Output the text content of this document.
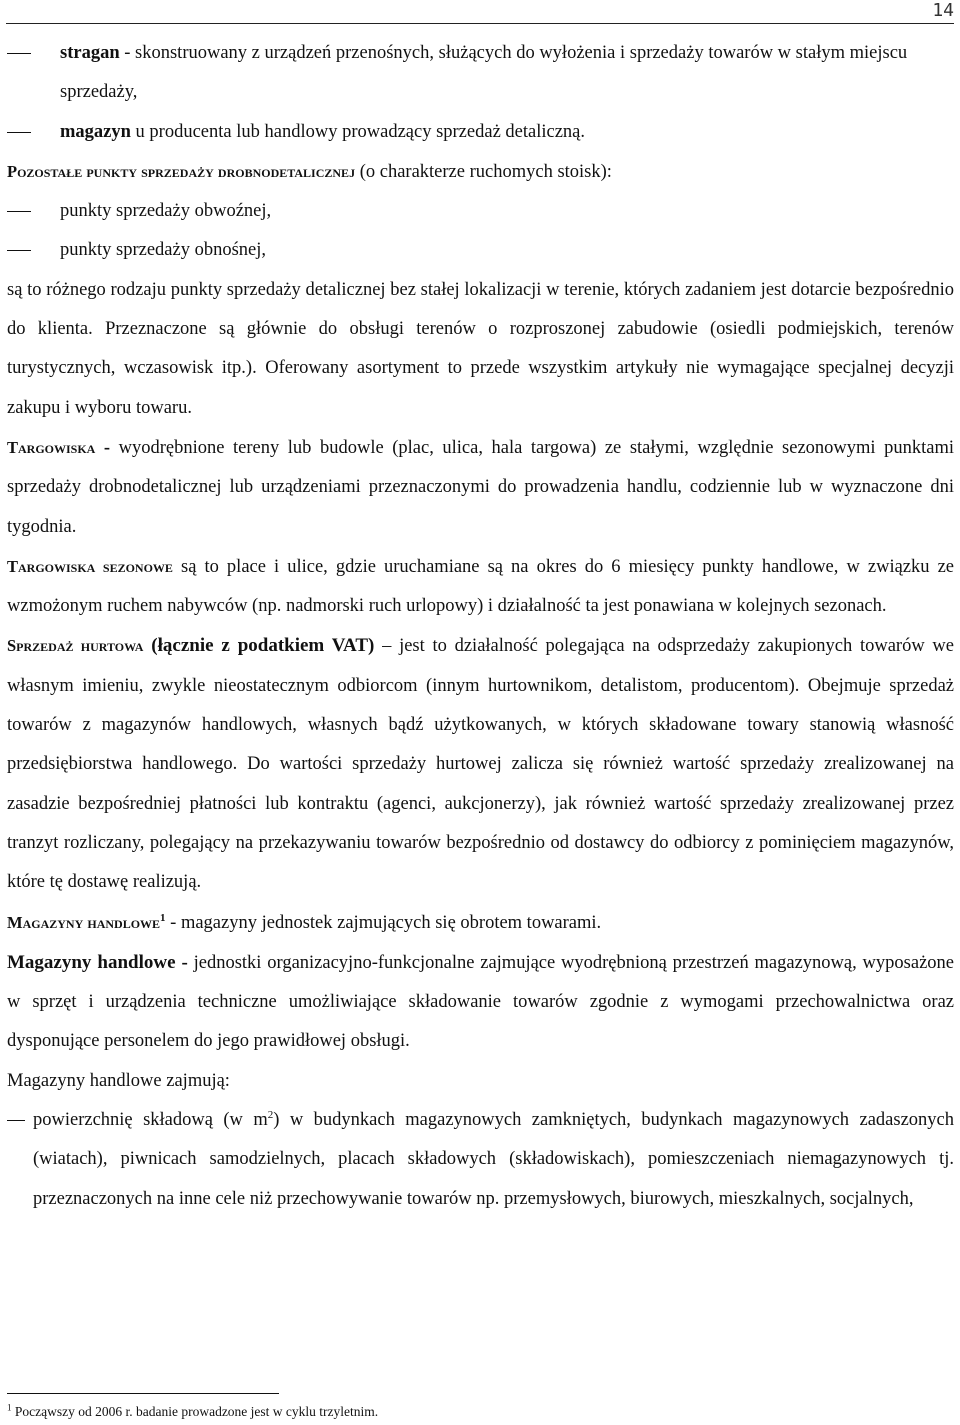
14
stragan - skonstruowany z urządzeń przenośnych, służących do wyłożenia i sprzedaży towarów w stałym miejscu sprzedaży,
magazyn u producenta lub handlowy prowadzący sprzedaż detaliczną.

Pozostałe punkty sprzedaży drobnodetalicznej (o charakterze ruchomych stoisk):

punkty sprzedaży obwoźnej,
punkty sprzedaży obnośnej,

są to różnego rodzaju punkty sprzedaży detalicznej bez stałej lokalizacji w terenie, których zadaniem jest dotarcie bezpośrednio do klienta. Przeznaczone są głównie do obsługi terenów o rozproszonej zabudowie (osiedli podmiejskich, terenów turystycznych, wczasowisk itp.). Oferowany asortyment to przede wszystkim artykuły nie wymagające specjalnej decyzji zakupu i wyboru towaru.

Targowiska - wyodrębnione tereny lub budowle (plac, ulica, hala targowa) ze stałymi, względnie sezonowymi punktami sprzedaży drobnodetalicznej lub urządzeniami przeznaczonymi do prowadzenia handlu, codziennie lub w wyznaczone dni tygodnia.

Targowiska sezonowe są to place i ulice, gdzie uruchamiane są na okres do 6 miesięcy punkty handlowe, w związku ze wzmożonym ruchem nabywców (np. nadmorski ruch urlopowy) i działalność ta jest ponawiana w kolejnych sezonach.

Sprzedaż hurtowa (łącznie z podatkiem VAT) – jest to działalność polegająca na odsprzedaży zakupionych towarów we własnym imieniu, zwykle nieostatecznym odbiorcom (innym hurtownikom, detalistom, producentom). Obejmuje sprzedaż towarów z magazynów handlowych, własnych bądź użytkowanych, w których składowane towary stanowią własność przedsiębiorstwa handlowego. Do wartości sprzedaży hurtowej zalicza się również wartość sprzedaży zrealizowanej na zasadzie bezpośredniej płatności lub kontraktu (agenci, aukcjonerzy), jak również wartość sprzedaży zrealizowanej przez tranzyt rozliczany, polegający na przekazywaniu towarów bezpośrednio od dostawcy do odbiorcy z pominięciem magazynów, które tę dostawę realizują.

Magazyny handlowe$^1$ - magazyny jednostek zajmujących się obrotem towarami.

Magazyny handlowe - jednostki organizacyjno-funkcjonalne zajmujące wyodrębnioną przestrzeń magazynową, wyposażone w sprzęt i urządzenia techniczne umożliwiające składowanie towarów zgodnie z wymogami przechowalnictwa oraz dysponujące personelem do jego prawidłowej obsługi.

Magazyny handlowe zajmują:

powierzchnię składową (w $m^2$) w budynkach magazynowych zamkniętych, budynkach magazynowych zadaszonych (wiatach), piwnicach samodzielnych, placach składowych (składowiskach), pomieszczeniach niemagazynowych tj. przeznaczonych na inne cele niż przechowywanie towarów np. przemysłowych, biurowych, mieszkalnych, socjalnych,
$^1$ Począwszy od 2006 r. badanie prowadzone jest w cyklu trzyletnim.
